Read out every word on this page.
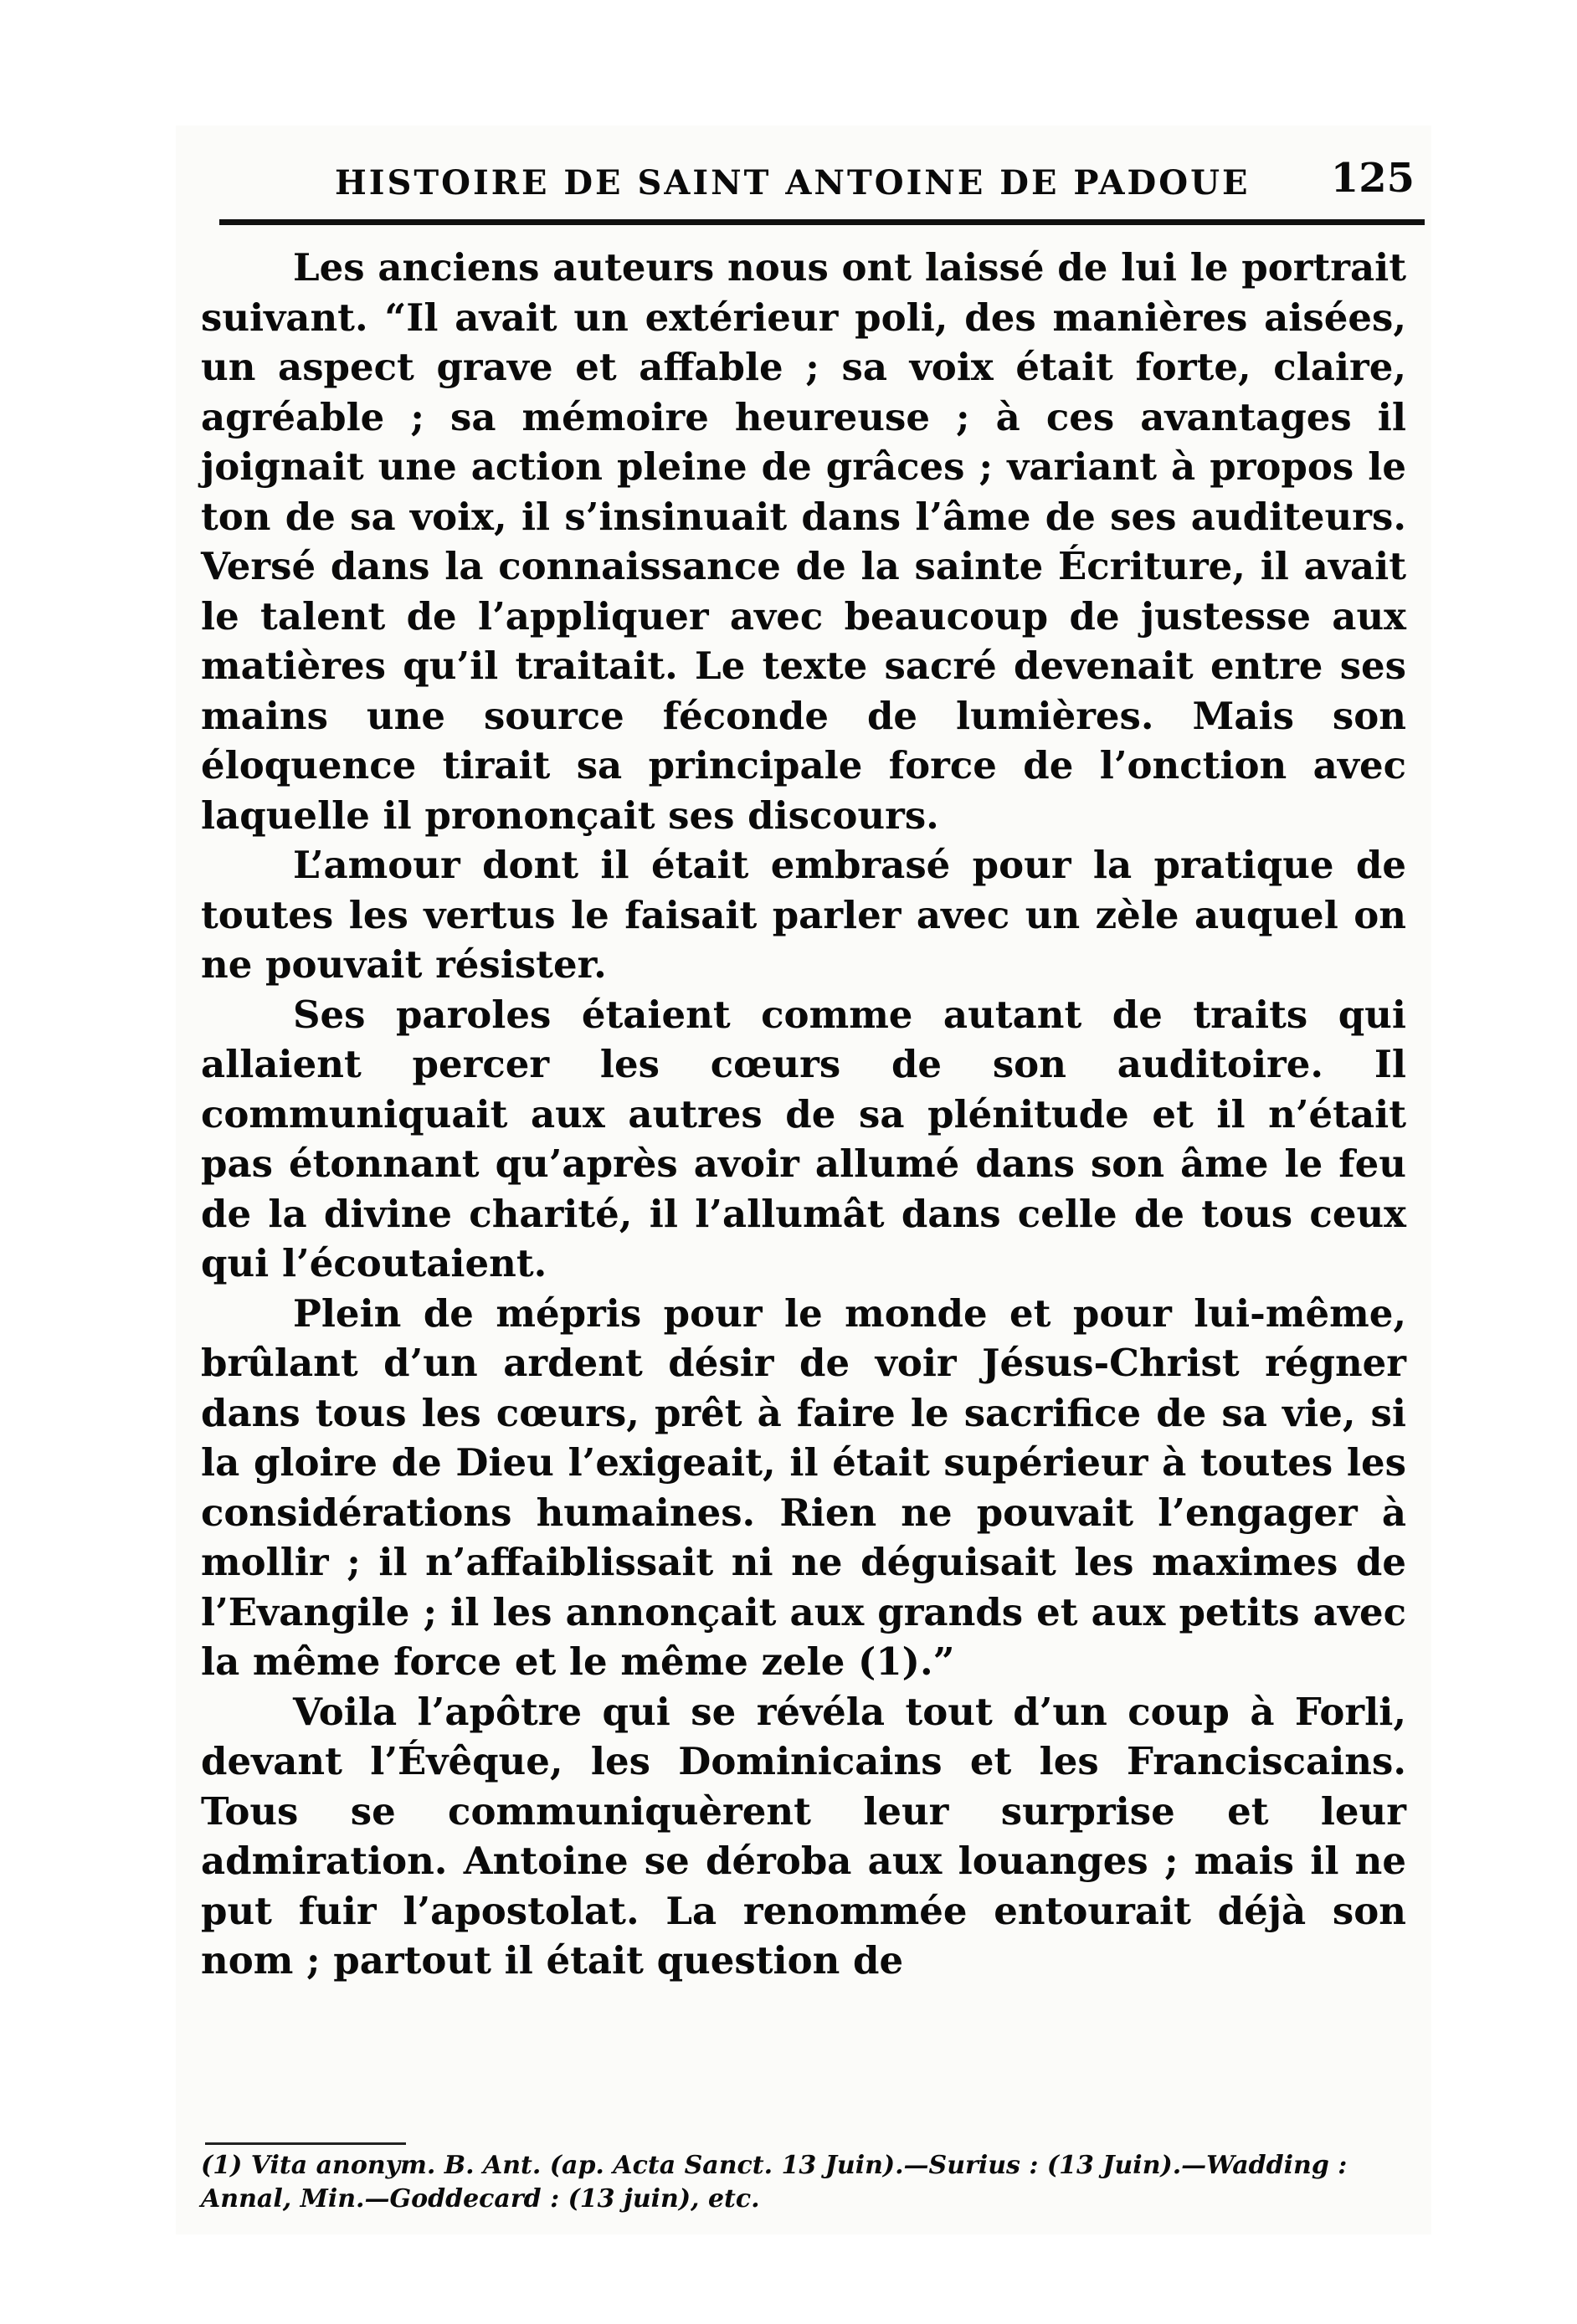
HISTOIRE DE SAINT ANTOINE DE PADOUE 125

Les anciens auteurs nous ont laissé de lui le portrait suivant. “Il avait un extérieur poli, des manières aisées, un aspect grave et affable ; sa voix était forte, claire, agréable ; sa mémoire heureuse ; à ces avantages il joignait une action pleine de grâces ; variant à propos le ton de sa voix, il s’insinuait dans l’âme de ses auditeurs. Versé dans la connaissance de la sainte Écriture, il avait le talent de l’appliquer avec beaucoup de justesse aux matières qu’il traitait. Le texte sacré devenait entre ses mains une source féconde de lumières. Mais son éloquence tirait sa principale force de l’onction avec laquelle il prononçait ses discours.

L’amour dont il était embrasé pour la pratique de toutes les vertus le faisait parler avec un zèle auquel on ne pouvait résister.

Ses paroles étaient comme autant de traits qui allaient percer les cœurs de son auditoire. Il communiquait aux autres de sa plénitude et il n’était pas étonnant qu’après avoir allumé dans son âme le feu de la divine charité, il l’allumât dans celle de tous ceux qui l’écoutaient.

Plein de mépris pour le monde et pour lui-même, brûlant d’un ardent désir de voir Jésus-Christ régner dans tous les cœurs, prêt à faire le sacrifice de sa vie, si la gloire de Dieu l’exigeait, il était supérieur à toutes les considérations humaines. Rien ne pouvait l’engager à mollir ; il n’affaiblissait ni ne déguisait les maximes de l’Evangile ; il les annonçait aux grands et aux petits avec la même force et le même zele (1).”

Voila l’apôtre qui se révéla tout d’un coup à Forli, devant l’Évêque, les Dominicains et les Franciscains. Tous se communiquèrent leur surprise et leur admiration. Antoine se déroba aux louanges ; mais il ne put fuir l’apostolat. La renommée entourait déjà son nom ; partout il était question de

(1) Vita anonym. B. Ant. (ap. Acta Sanct. 13 Juin).—Surius : (13 Juin).—Wadding : Annal, Min.—Goddecard : (13 juin), etc.
